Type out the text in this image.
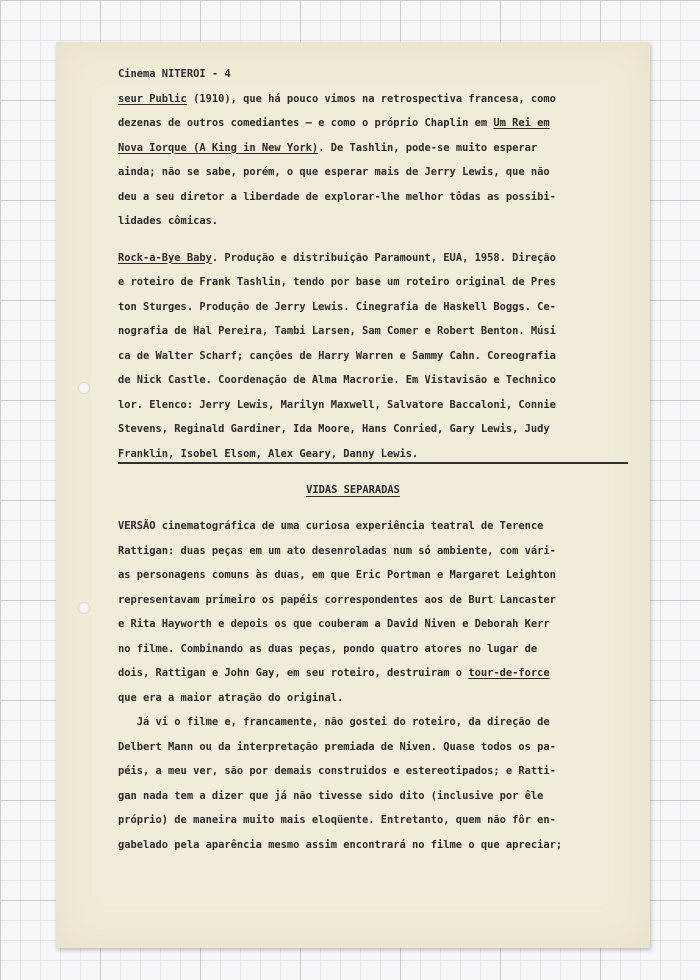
Cinema NITEROI - 4
seur Public (1910), que há pouco vimos na retrospectiva francesa, como
dezenas de outros comediantes — e como o próprio Chaplin em Um Rei em
Nova Iorque (A King in New York). De Tashlin, pode-se muito esperar
ainda; não se sabe, porém, o que esperar mais de Jerry Lewis, que não
deu a seu diretor a liberdade de explorar-lhe melhor tôdas as possibi-
lidades cômicas.
Rock-a-Bye Baby. Produção e distribuição Paramount, EUA, 1958. Direção
e roteiro de Frank Tashlin, tendo por base um roteiro original de Pres
ton Sturges. Produção de Jerry Lewis. Cinegrafia de Haskell Boggs. Ce-
nografia de Hal Pereira, Tambi Larsen, Sam Comer e Robert Benton. Músi
ca de Walter Scharf; canções de Harry Warren e Sammy Cahn. Coreografia
de Nick Castle. Coordenação de Alma Macrorie. Em Vistavisão e Technico
lor. Elenco: Jerry Lewis, Marilyn Maxwell, Salvatore Baccaloni, Connie
Stevens, Reginald Gardiner, Ida Moore, Hans Conried, Gary Lewis, Judy
Franklin, Isobel Elsom, Alex Geary, Danny Lewis.
VIDAS SEPARADAS
VERSÃO cinematográfica de uma curiosa experiência teatral de Terence
Rattigan: duas peças em um ato desenroladas num só ambiente, com vári-
as personagens comuns às duas, em que Eric Portman e Margaret Leighton
representavam primeiro os papéis correspondentes aos de Burt Lancaster
e Rita Hayworth e depois os que couberam a David Niven e Deborah Kerr
no filme. Combinando as duas peças, pondo quatro atores no lugar de
dois, Rattigan e John Gay, em seu roteiro, destruiram o tour-de-force
que era a maior atração do original.
Já vi o filme e, francamente, não gostei do roteiro, da direção de
Delbert Mann ou da interpretação premiada de Niven. Quase todos os pa-
péis, a meu ver, são por demais construidos e estereotipados; e Ratti-
gan nada tem a dizer que já não tivesse sido dito (inclusive por êle
próprio) de maneira muito mais eloqüente. Entretanto, quem não fôr en-
gabelado pela aparência mesmo assim encontrará no filme o que apreciar;
